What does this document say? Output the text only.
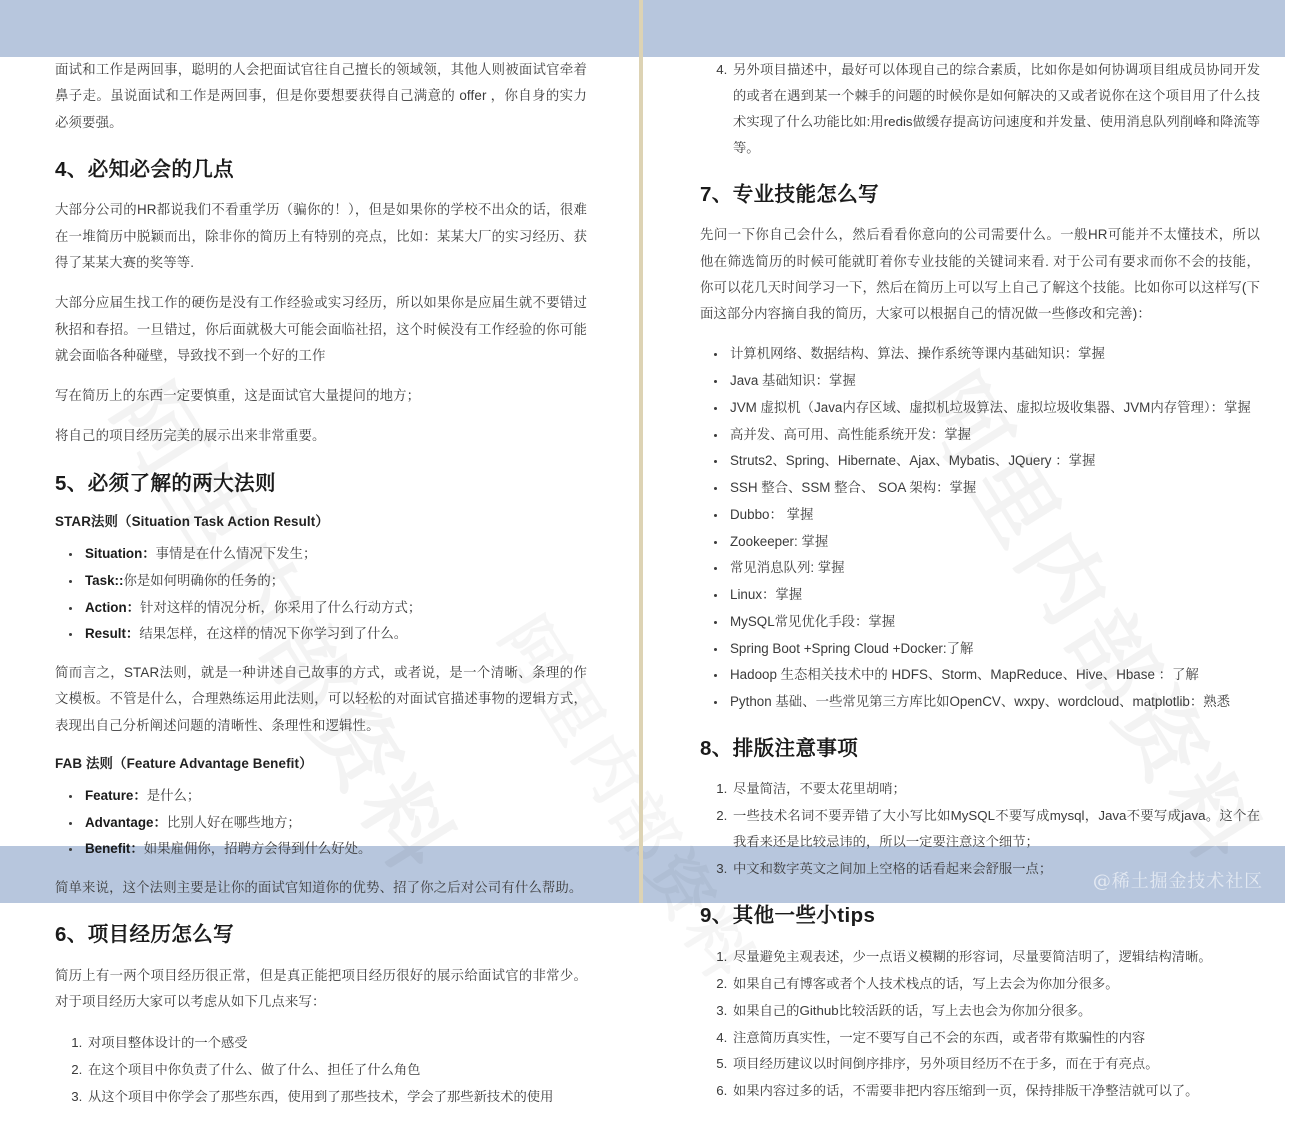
面试和工作是两回事，聪明的人会把面试官往自己擅长的领域领，其他人则被面试官牵着鼻子走。虽说面试和工作是两回事，但是你要想要获得自己满意的 offer ，你自身的实力必须要强。

4、必知必会的几点

大部分公司的HR都说我们不看重学历（骗你的！），但是如果你的学校不出众的话，很难在一堆简历中脱颖而出，除非你的简历上有特别的亮点，比如：某某大厂的实习经历、获得了某某大赛的奖等等.

大部分应届生找工作的硬伤是没有工作经验或实习经历，所以如果你是应届生就不要错过秋招和春招。一旦错过，你后面就极大可能会面临社招，这个时候没有工作经验的你可能就会面临各种碰壁，导致找不到一个好的工作

写在简历上的东西一定要慎重，这是面试官大量提问的地方；

将自己的项目经历完美的展示出来非常重要。

5、必须了解的两大法则

STAR法则（Situation Task Action Result）

• Situation：事情是在什么情况下发生；
• Task::你是如何明确你的任务的；
• Action：针对这样的情况分析，你采用了什么行动方式；
• Result：结果怎样，在这样的情况下你学习到了什么。

简而言之，STAR法则，就是一种讲述自己故事的方式，或者说，是一个清晰、条理的作文模板。不管是什么，合理熟练运用此法则，可以轻松的对面试官描述事物的逻辑方式，表现出自己分析阐述问题的清晰性、条理性和逻辑性。

FAB 法则（Feature Advantage Benefit）

• Feature：是什么；
• Advantage：比别人好在哪些地方；
• Benefit：如果雇佣你，招聘方会得到什么好处。

简单来说，这个法则主要是让你的面试官知道你的优势、招了你之后对公司有什么帮助。

6、项目经历怎么写

简历上有一两个项目经历很正常，但是真正能把项目经历很好的展示给面试官的非常少。对于项目经历大家可以考虑从如下几点来写：

1. 对项目整体设计的一个感受
2. 在这个项目中你负责了什么、做了什么、担任了什么角色
3. 从这个项目中你学会了那些东西，使用到了那些技术，学会了那些新技术的使用
4. 另外项目描述中，最好可以体现自己的综合素质，比如你是如何协调项目组成员协同开发的或者在遇到某一个棘手的问题的时候你是如何解决的又或者说你在这个项目用了什么技术实现了什么功能比如:用redis做缓存提高访问速度和并发量、使用消息队列削峰和降流等等。
7、专业技能怎么写

先问一下你自己会什么，然后看看你意向的公司需要什么。一般HR可能并不太懂技术，所以他在筛选简历的时候可能就盯着你专业技能的关键词来看. 对于公司有要求而你不会的技能，你可以花几天时间学习一下，然后在简历上可以写上自己了解这个技能。比如你可以这样写(下面这部分内容摘自我的简历，大家可以根据自己的情况做一些修改和完善)：

• 计算机网络、数据结构、算法、操作系统等课内基础知识：掌握
• Java 基础知识：掌握
• JVM 虚拟机（Java内存区域、虚拟机垃圾算法、虚拟垃圾收集器、JVM内存管理）：掌握
• 高并发、高可用、高性能系统开发：掌握
• Struts2、Spring、Hibernate、Ajax、Mybatis、JQuery ：掌握
• SSH 整合、SSM 整合、 SOA 架构：掌握
• Dubbo： 掌握
• Zookeeper: 掌握
• 常见消息队列: 掌握
• Linux：掌握
• MySQL常见优化手段：掌握
• Spring Boot +Spring Cloud +Docker:了解
• Hadoop 生态相关技术中的 HDFS、Storm、MapReduce、Hive、Hbase ：了解
• Python 基础、一些常见第三方库比如OpenCV、wxpy、wordcloud、matplotlib：熟悉
8、排版注意事项
1. 尽量简洁，不要太花里胡哨；
2. 一些技术名词不要弄错了大小写比如MySQL不要写成mysql，Java不要写成java。这个在我看来还是比较忌讳的，所以一定要注意这个细节；
3. 中文和数字英文之间加上空格的话看起来会舒服一点；
9、其他一些小tips
1. 尽量避免主观表述，少一点语义模糊的形容词，尽量要简洁明了，逻辑结构清晰。
2. 如果自己有博客或者个人技术栈点的话，写上去会为你加分很多。
3. 如果自己的Github比较活跃的话，写上去也会为你加分很多。
4. 注意简历真实性，一定不要写自己不会的东西，或者带有欺骗性的内容
5. 项目经历建议以时间倒序排序，另外项目经历不在于多，而在于有亮点。
6. 如果内容过多的话，不需要非把内容压缩到一页，保持排版干净整洁就可以了。
@稀土掘金技术社区
